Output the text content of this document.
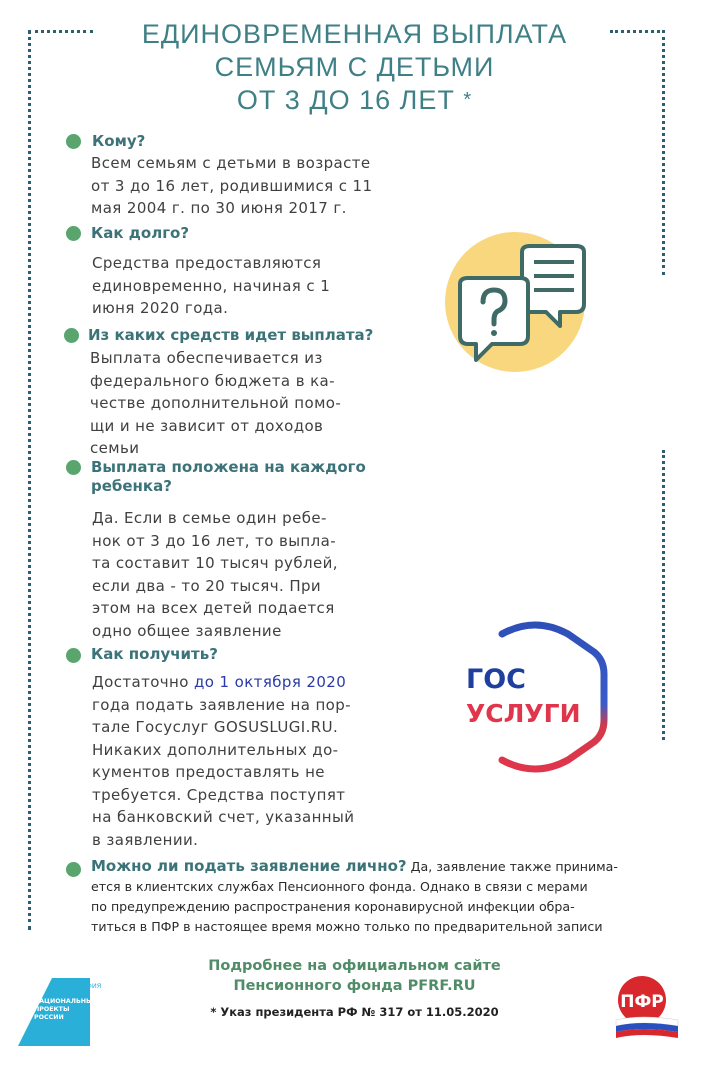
ЕДИНОВРЕМЕННАЯ ВЫПЛАТА
СЕМЬЯМ С ДЕТЬМИ
ОТ 3 ДО 16 ЛЕТ *
Кому?
Всем семьям с детьми в возрасте
от 3 до 16 лет, родившимися с 11
мая 2004 г. по 30 июня 2017 г.
Как долго?
Средства предоставляются
единовременно, начиная с 1
июня 2020 года.
Из каких средств идет выплата?
Выплата обеспечивается из
федерального бюджета в ка-
честве дополнительной помо-
щи и не зависит от доходов
семьи
Выплата положена на каждого
ребенка?
Да. Если в семье один ребе-
нок от 3 до 16 лет, то выпла-
та составит 10 тысяч рублей,
если два - то 20 тысяч. При
этом на всех детей подается
одно общее заявление
ГОС
УСЛУГИ
Как получить?
Достаточно до 1 октября 2020
года подать заявление на пор-
тале Госуслуг GOSUSLUGI.RU.
Никаких дополнительных до-
кументов предоставлять не
требуется. Средства поступят
на банковский счет, указанный
в заявлении.
Можно ли подать заявление лично? Да, заявление также принима-
ется в клиентских службах Пенсионного фонда. Однако в связи с мерами
по предупреждению распространения коронавирусной инфекции обра-
титься в ПФР в настоящее время можно только по предварительной записи
Подробнее на официальном сайте
Пенсионного фонда PFRF.RU
* Указ президента РФ № 317 от 11.05.2020
ДЕМОГРАФИЯ
НАЦИОНАЛЬНЫЕ
ПРОЕКТЫ
РОССИИ
ПФР
